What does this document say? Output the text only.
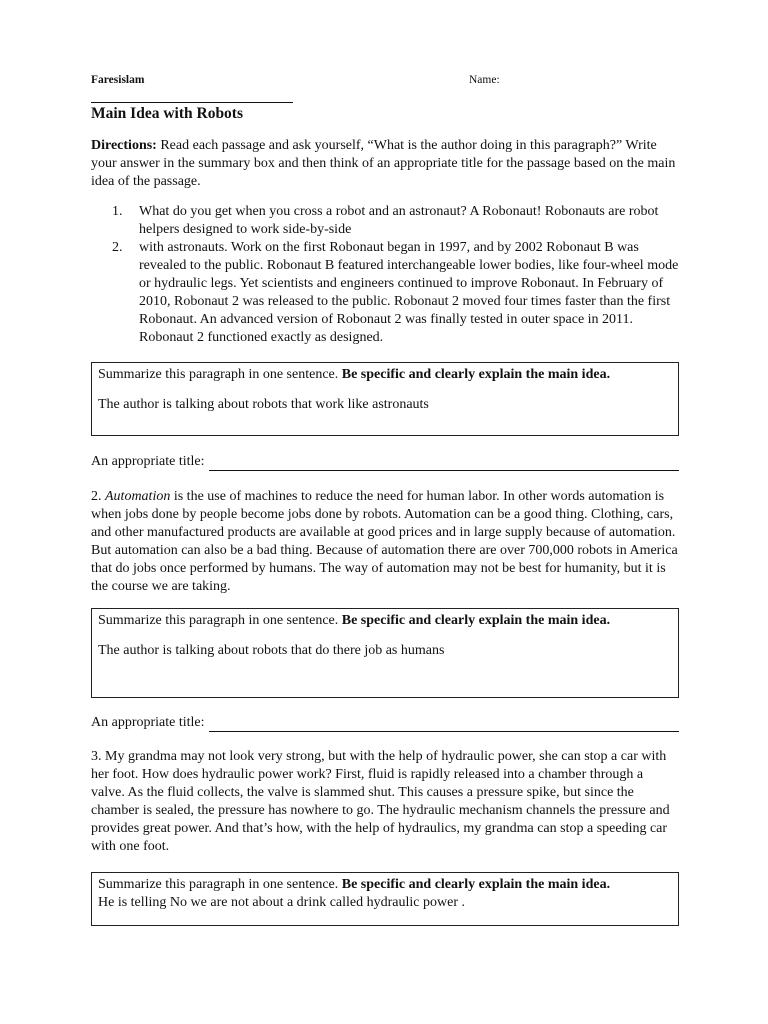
Faresislam	Name:
Main Idea with Robots
Directions: Read each passage and ask yourself, “What is the author doing in this paragraph?” Write your answer in the summary box and then think of an appropriate title for the passage based on the main idea of the passage.
1. What do you get when you cross a robot and an astronaut? A Robonaut! Robonauts are robot helpers designed to work side-by-side
2. with astronauts. Work on the first Robonaut began in 1997, and by 2002 Robonaut B was revealed to the public. Robonaut B featured interchangeable lower bodies, like four-wheel mode or hydraulic legs. Yet scientists and engineers continued to improve Robonaut. In February of 2010, Robonaut 2 was released to the public. Robonaut 2 moved four times faster than the first Robonaut. An advanced version of Robonaut 2 was finally tested in outer space in 2011. Robonaut 2 functioned exactly as designed.
Summarize this paragraph in one sentence. Be specific and clearly explain the main idea.
The author is talking about robots that work like astronauts
An appropriate title:
2. Automation is the use of machines to reduce the need for human labor. In other words automation is when jobs done by people become jobs done by robots. Automation can be a good thing. Clothing, cars, and other manufactured products are available at good prices and in large supply because of automation. But automation can also be a bad thing. Because of automation there are over 700,000 robots in America that do jobs once performed by humans. The way of automation may not be best for humanity, but it is the course we are taking.
Summarize this paragraph in one sentence. Be specific and clearly explain the main idea.
The author is talking about robots that do there job as humans
An appropriate title:
3. My grandma may not look very strong, but with the help of hydraulic power, she can stop a car with her foot. How does hydraulic power work? First, fluid is rapidly released into a chamber through a valve. As the fluid collects, the valve is slammed shut. This causes a pressure spike, but since the chamber is sealed, the pressure has nowhere to go. The hydraulic mechanism channels the pressure and provides great power. And that’s how, with the help of hydraulics, my grandma can stop a speeding car with one foot.
Summarize this paragraph in one sentence. Be specific and clearly explain the main idea.
He is telling No we are not about a drink called hydraulic power .
